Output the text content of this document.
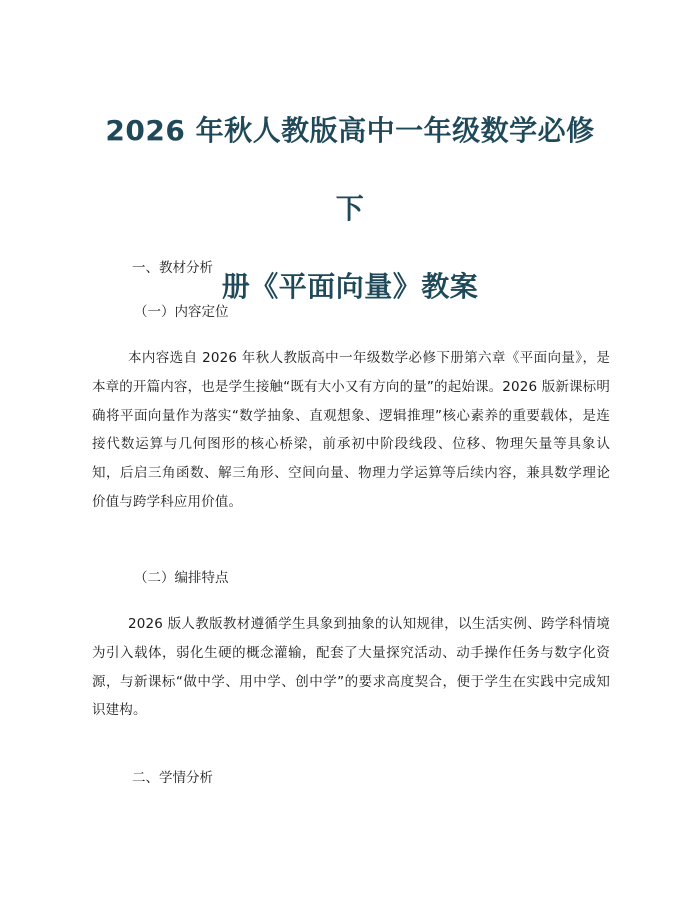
2026 年秋人教版高中一年级数学必修下
册《平面向量》教案

一、教材分析

（一）内容定位

本内容选自 2026 年秋人教版高中一年级数学必修下册第六章《平面向量》，是本章的开篇内容，也是学生接触“既有大小又有方向的量”的起始课。2026 版新课标明确将平面向量作为落实“数学抽象、直观想象、逻辑推理”核心素养的重要载体，是连接代数运算与几何图形的核心桥梁，前承初中阶段线段、位移、物理矢量等具象认知，后启三角函数、解三角形、空间向量、物理力学运算等后续内容，兼具数学理论价值与跨学科应用价值。

（二）编排特点

2026 版人教版教材遵循学生具象到抽象的认知规律，以生活实例、跨学科情境为引入载体，弱化生硬的概念灌输，配套了大量探究活动、动手操作任务与数字化资源，与新课标“做中学、用中学、创中学”的要求高度契合，便于学生在实践中完成知识建构。

二、学情分析
